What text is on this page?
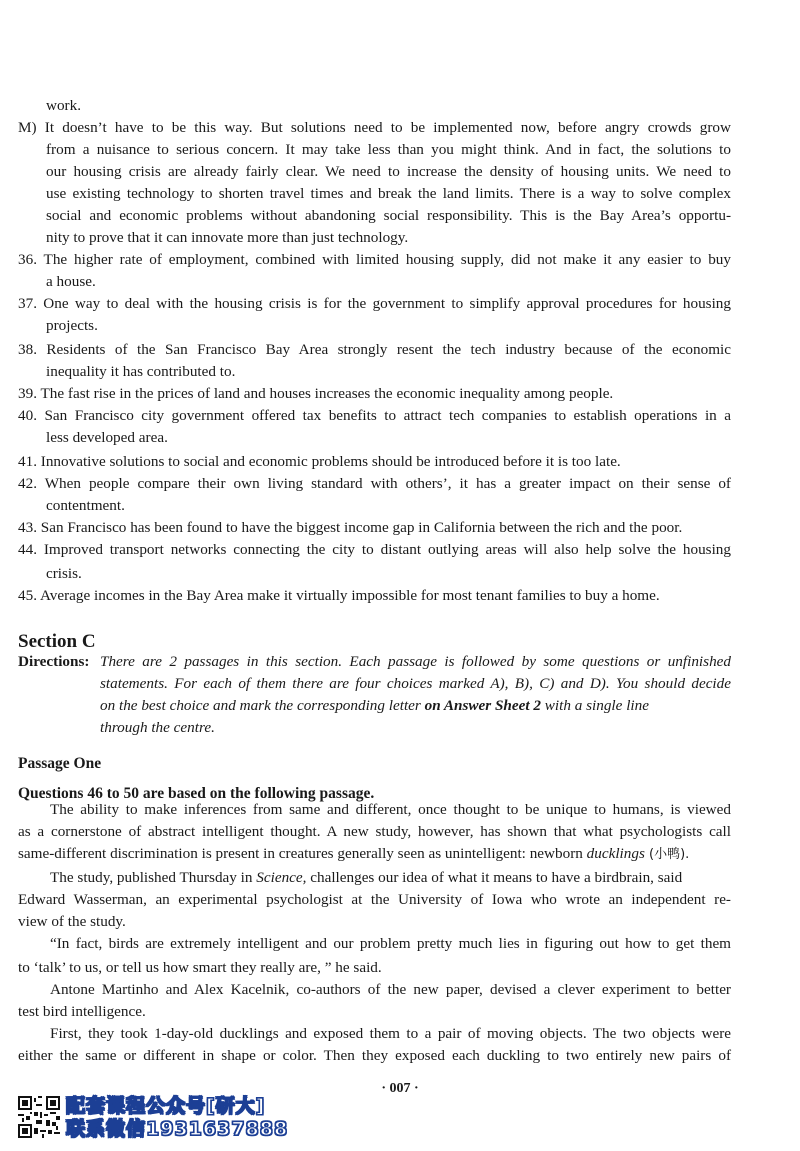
work.
M) It doesn’t have to be this way. But solutions need to be implemented now, before angry crowds grow
from a nuisance to serious concern. It may take less than you might think. And in fact, the solutions to
our housing crisis are already fairly clear. We need to increase the density of housing units. We need to
use existing technology to shorten travel times and break the land limits. There is a way to solve complex
social and economic problems without abandoning social responsibility. This is the Bay Area’s opportu-
nity to prove that it can innovate more than just technology.
36. The higher rate of employment, combined with limited housing supply, did not make it any easier to buy
a house.
37. One way to deal with the housing crisis is for the government to simplify approval procedures for housing
projects.
38. Residents of the San Francisco Bay Area strongly resent the tech industry because of the economic
inequality it has contributed to.
39. The fast rise in the prices of land and houses increases the economic inequality among people.
40. San Francisco city government offered tax benefits to attract tech companies to establish operations in a
less developed area.
41. Innovative solutions to social and economic problems should be introduced before it is too late.
42. When people compare their own living standard with others’, it has a greater impact on their sense of
contentment.
43. San Francisco has been found to have the biggest income gap in California between the rich and the poor.
44. Improved transport networks connecting the city to distant outlying areas will also help solve the housing
crisis.
45. Average incomes in the Bay Area make it virtually impossible for most tenant families to buy a home.
Section C
Directions: There are 2 passages in this section. Each passage is followed by some questions or unfinished
statements. For each of them there are four choices marked A), B), C) and D). You should decide
on the best choice and mark the corresponding letter on Answer Sheet 2 with a single line
through the centre.
Passage One
Questions 46 to 50 are based on the following passage.
The ability to make inferences from same and different, once thought to be unique to humans, is viewed
as a cornerstone of abstract intelligent thought. A new study, however, has shown that what psychologists call
same-different discrimination is present in creatures generally seen as unintelligent: newborn ducklings (小鸭).
The study, published Thursday in Science, challenges our idea of what it means to have a birdbrain, said
Edward Wasserman, an experimental psychologist at the University of Iowa who wrote an independent re-
view of the study.
“In fact, birds are extremely intelligent and our problem pretty much lies in figuring out how to get them
to ‘talk’ to us, or tell us how smart they really are, ” he said.
Antone Martinho and Alex Kacelnik, co-authors of the new paper, devised a clever experiment to better
test bird intelligence.
First, they took 1-day-old ducklings and exposed them to a pair of moving objects. The two objects were
either the same or different in shape or color. Then they exposed each duckling to two entirely new pairs of
· 007 ·
配套课程公众号[研大]
联系微信1931637888
